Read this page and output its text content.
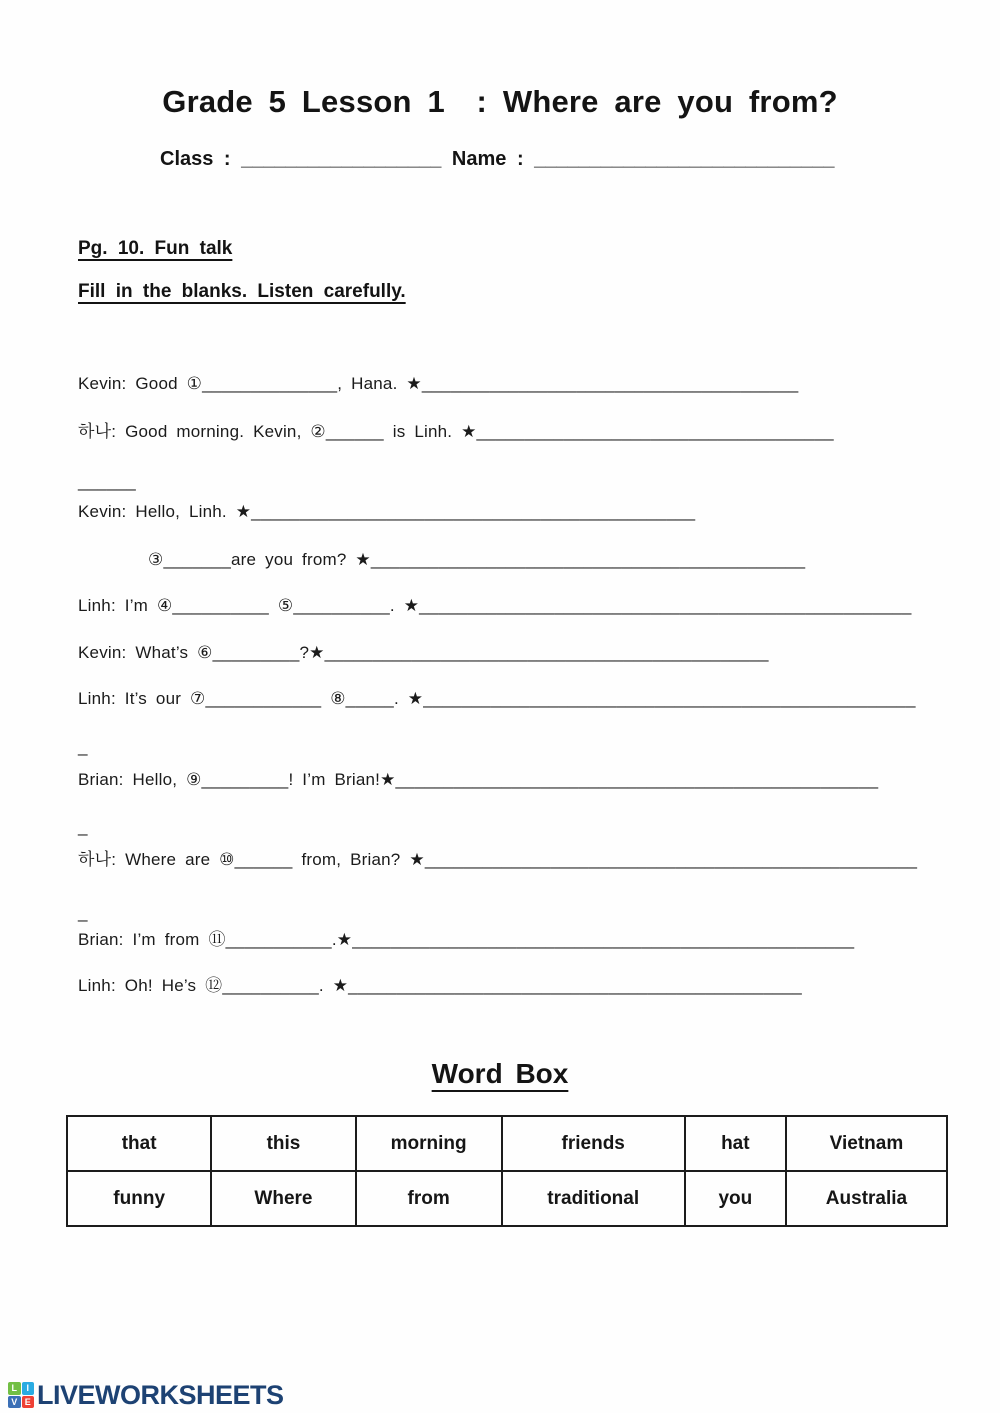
Grade 5 Lesson 1  : Where are you from?
Class : __________________ Name : ___________________________
Pg. 10. Fun talk
Fill in the blanks. Listen carefully.
Kevin: Good ①______________, Hana. ★_______________________________________
하나: Good morning. Kevin, ②______ is Linh. ★_____________________________________
______
Kevin: Hello, Linh. ★______________________________________________
③_______are you from? ★_____________________________________________
Linh: I’m ④__________ ⑤__________. ★___________________________________________________
Kevin: What’s ⑥_________?★______________________________________________
Linh: It’s our ⑦____________ ⑧_____. ★___________________________________________________
_
Brian: Hello, ⑨_________! I’m Brian!★__________________________________________________
_
하나: Where are ⑩______ from, Brian? ★___________________________________________________
_
Brian: I’m from ⑪___________.★____________________________________________________
Linh: Oh! He’s ⑫__________. ★_______________________________________________
Word Box
that	this	morning	friends	hat	Vietnam
funny	Where	from	traditional	you	Australia
L	I
V E LIVEWORKSHEETS
